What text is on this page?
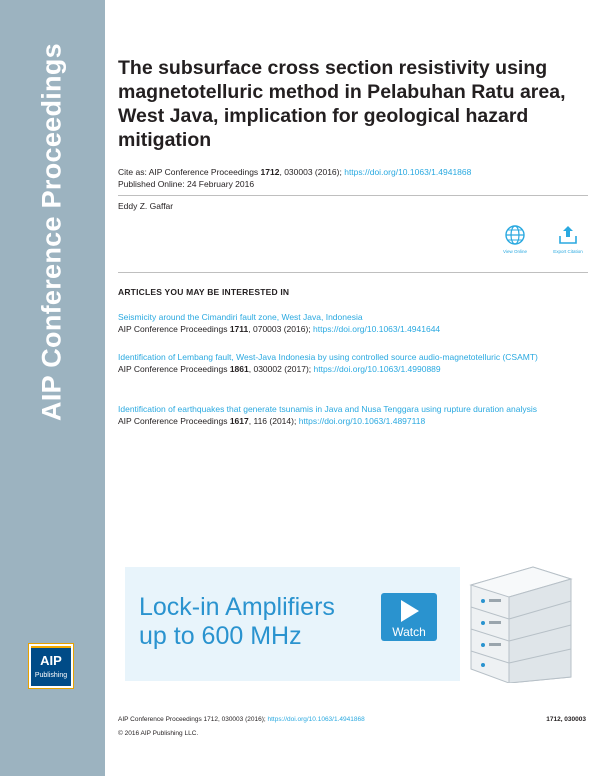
AIP Conference Proceedings
AIP
Publishing
The subsurface cross section resistivity using magnetotelluric method in Pelabuhan Ratu area, West Java, implication for geological hazard mitigation
Cite as: AIP Conference Proceedings 1712, 030003 (2016); https://doi.org/10.1063/1.4941868
Published Online: 24 February 2016
Eddy Z. Gaffar
View Online	Export Citation
ARTICLES YOU MAY BE INTERESTED IN
Seismicity around the Cimandiri fault zone, West Java, Indonesia
AIP Conference Proceedings 1711, 070003 (2016); https://doi.org/10.1063/1.4941644
Identification of Lembang fault, West-Java Indonesia by using controlled source audio-magnetotelluric (CSAMT)
AIP Conference Proceedings 1861, 030002 (2017); https://doi.org/10.1063/1.4990889
Identification of earthquakes that generate tsunamis in Java and Nusa Tenggara using rupture duration analysis
AIP Conference Proceedings 1617, 116 (2014); https://doi.org/10.1063/1.4897118
Lock-in Amplifiers
up to 600 MHz	Watch
AIP Conference Proceedings 1712, 030003 (2016); https://doi.org/10.1063/1.4941868	1712, 030003
© 2016 AIP Publishing LLC.
